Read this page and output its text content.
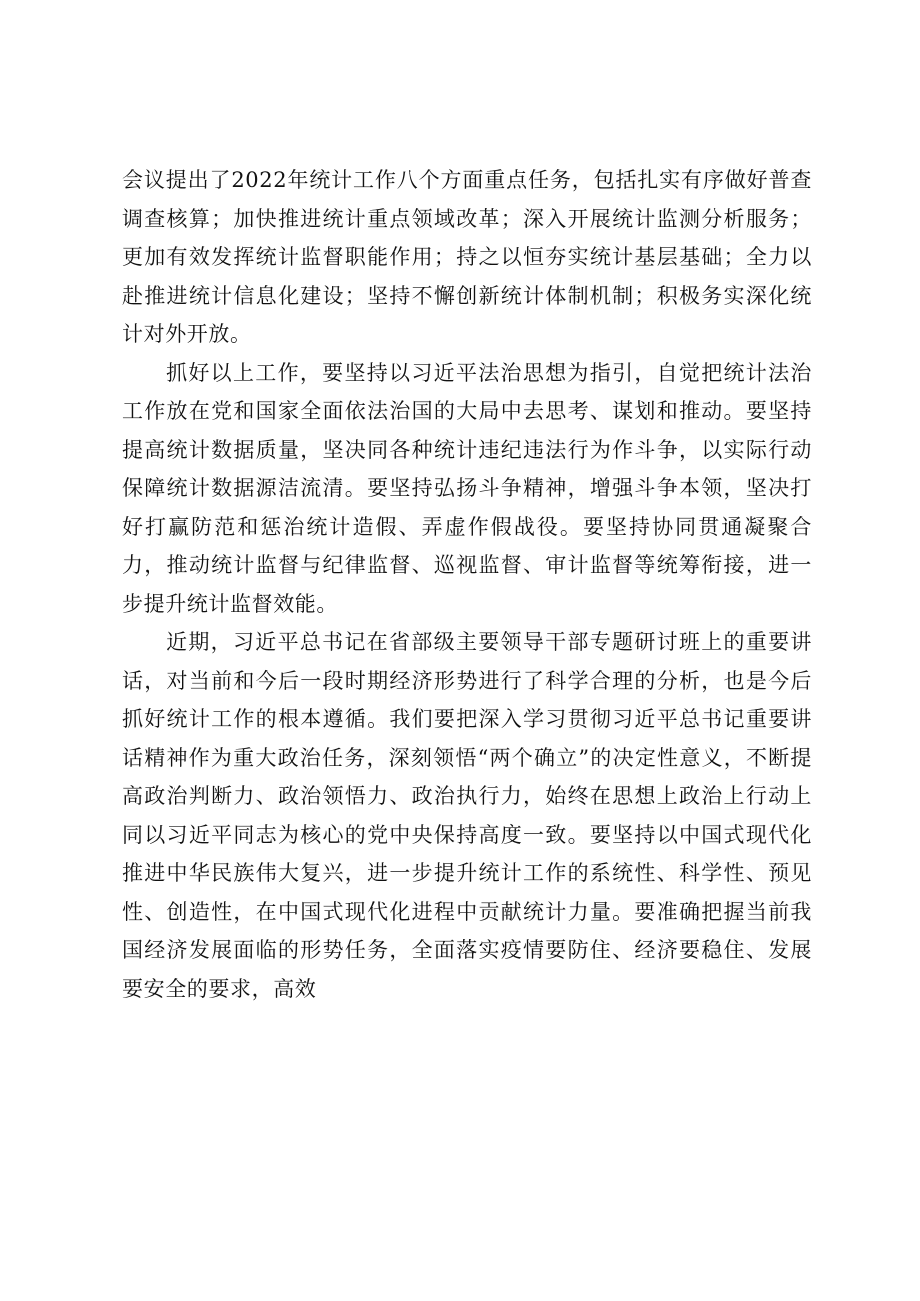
会议提出了2022年统计工作八个方面重点任务，包括扎实有序做好普查调查核算；加快推进统计重点领域改革；深入开展统计监测分析服务；更加有效发挥统计监督职能作用；持之以恒夯实统计基层基础；全力以赴推进统计信息化建设；坚持不懈创新统计体制机制；积极务实深化统计对外开放。

抓好以上工作，要坚持以习近平法治思想为指引，自觉把统计法治工作放在党和国家全面依法治国的大局中去思考、谋划和推动。要坚持提高统计数据质量，坚决同各种统计违纪违法行为作斗争，以实际行动保障统计数据源洁流清。要坚持弘扬斗争精神，增强斗争本领，坚决打好打赢防范和惩治统计造假、弄虚作假战役。要坚持协同贯通凝聚合力，推动统计监督与纪律监督、巡视监督、审计监督等统筹衔接，进一步提升统计监督效能。

近期，习近平总书记在省部级主要领导干部专题研讨班上的重要讲话，对当前和今后一段时期经济形势进行了科学合理的分析，也是今后抓好统计工作的根本遵循。我们要把深入学习贯彻习近平总书记重要讲话精神作为重大政治任务，深刻领悟“两个确立”的决定性意义，不断提高政治判断力、政治领悟力、政治执行力，始终在思想上政治上行动上同以习近平同志为核心的党中央保持高度一致。要坚持以中国式现代化推进中华民族伟大复兴，进一步提升统计工作的系统性、科学性、预见性、创造性，在中国式现代化进程中贡献统计力量。要准确把握当前我国经济发展面临的形势任务，全面落实疫情要防住、经济要稳住、发展要安全的要求，高效
